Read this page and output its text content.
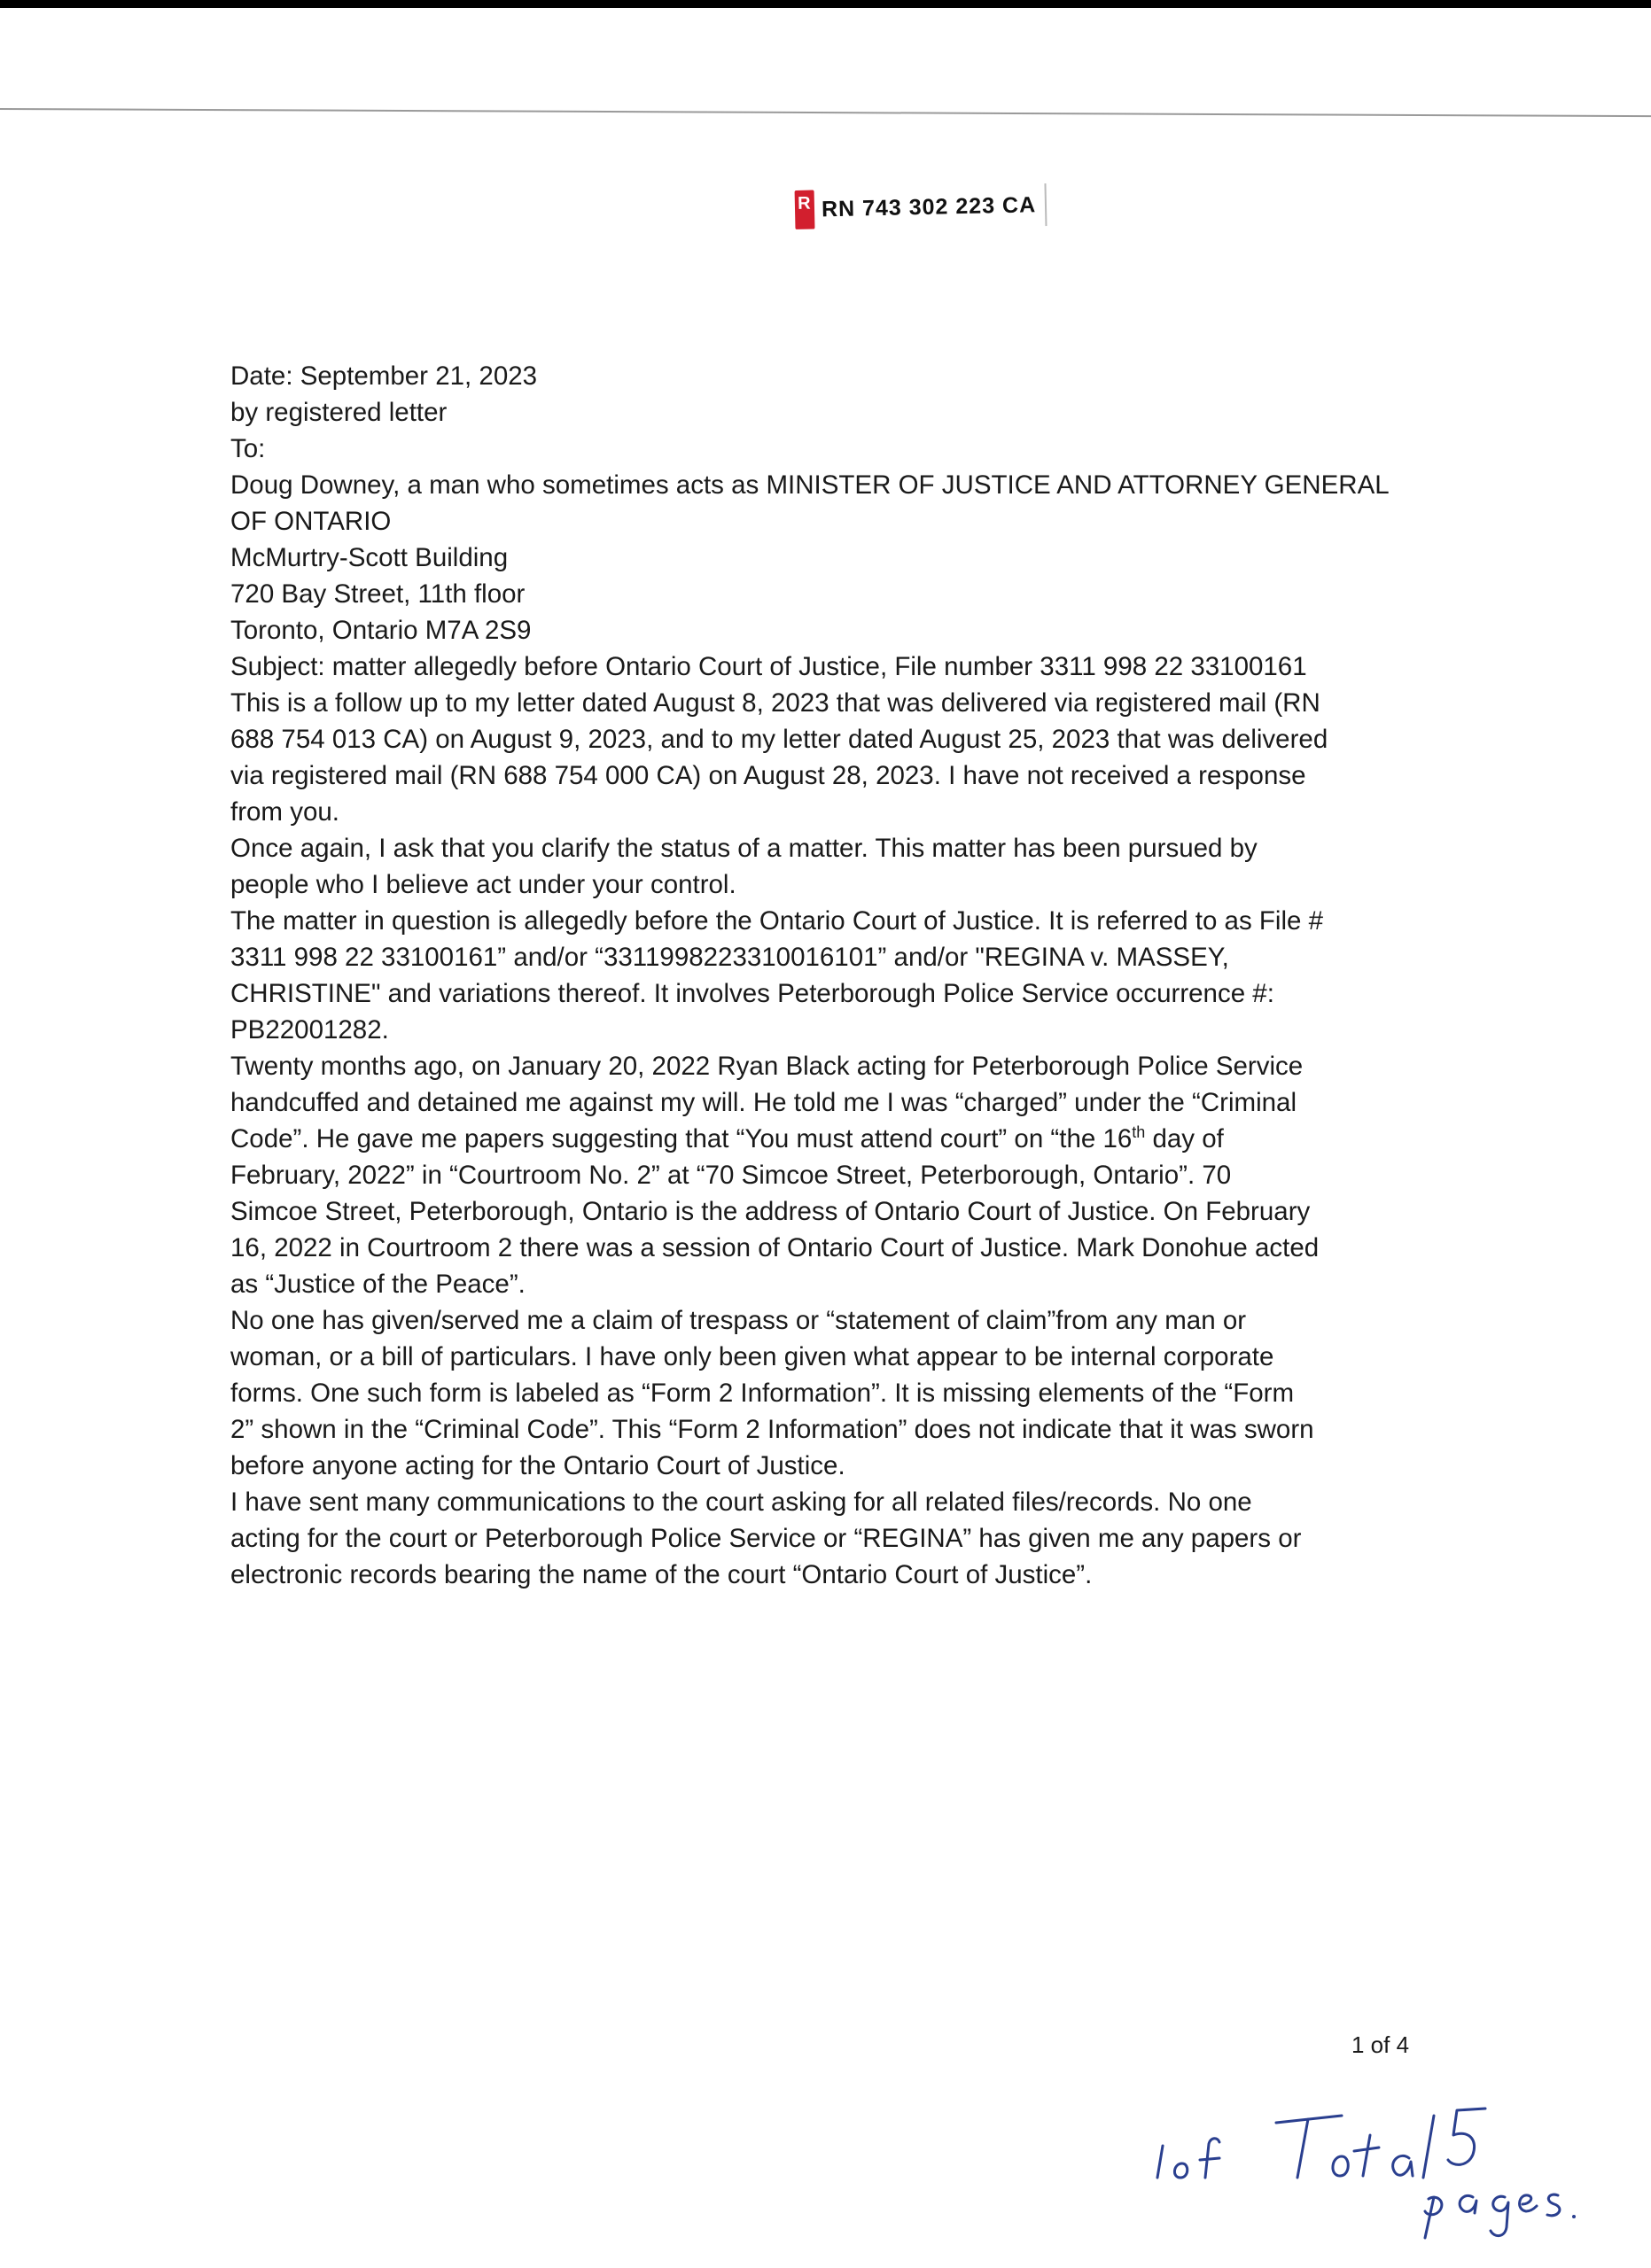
R RN 743 302 223 CA

Date: September 21, 2023
by registered letter

To:
Doug Downey, a man who sometimes acts as MINISTER OF JUSTICE AND ATTORNEY GENERAL
OF ONTARIO
McMurtry-Scott Building
720 Bay Street, 11th floor
Toronto, Ontario M7A 2S9

Subject: matter allegedly before Ontario Court of Justice, File number 3311 998 22 33100161

This is a follow up to my letter dated August 8, 2023 that was delivered via registered mail (RN
688 754 013 CA) on August 9, 2023, and to my letter dated August 25, 2023 that was delivered
via registered mail (RN 688 754 000 CA) on August 28, 2023. I have not received a response
from you.

Once again, I ask that you clarify the status of a matter. This matter has been pursued by
people who I believe act under your control.

The matter in question is allegedly before the Ontario Court of Justice. It is referred to as File #
3311 998 22 33100161” and/or “3311998223310016101” and/or "REGINA v. MASSEY,
CHRISTINE" and variations thereof. It involves Peterborough Police Service occurrence #:
PB22001282.

Twenty months ago, on January 20, 2022 Ryan Black acting for Peterborough Police Service
handcuffed and detained me against my will. He told me I was “charged” under the “Criminal
Code”. He gave me papers suggesting that “You must attend court” on “the 16th day of
February, 2022” in “Courtroom No. 2” at “70 Simcoe Street, Peterborough, Ontario”. 70
Simcoe Street, Peterborough, Ontario is the address of Ontario Court of Justice. On February
16, 2022 in Courtroom 2 there was a session of Ontario Court of Justice. Mark Donohue acted
as “Justice of the Peace”.

No one has given/served me a claim of trespass or “statement of claim”from any man or
woman, or a bill of particulars. I have only been given what appear to be internal corporate
forms. One such form is labeled as “Form 2 Information”. It is missing elements of the “Form
2” shown in the “Criminal Code”. This “Form 2 Information” does not indicate that it was sworn
before anyone acting for the Ontario Court of Justice.

I have sent many communications to the court asking for all related files/records. No one
acting for the court or Peterborough Police Service or “REGINA” has given me any papers or
electronic records bearing the name of the court “Ontario Court of Justice”.

1 of 4
Total 5
